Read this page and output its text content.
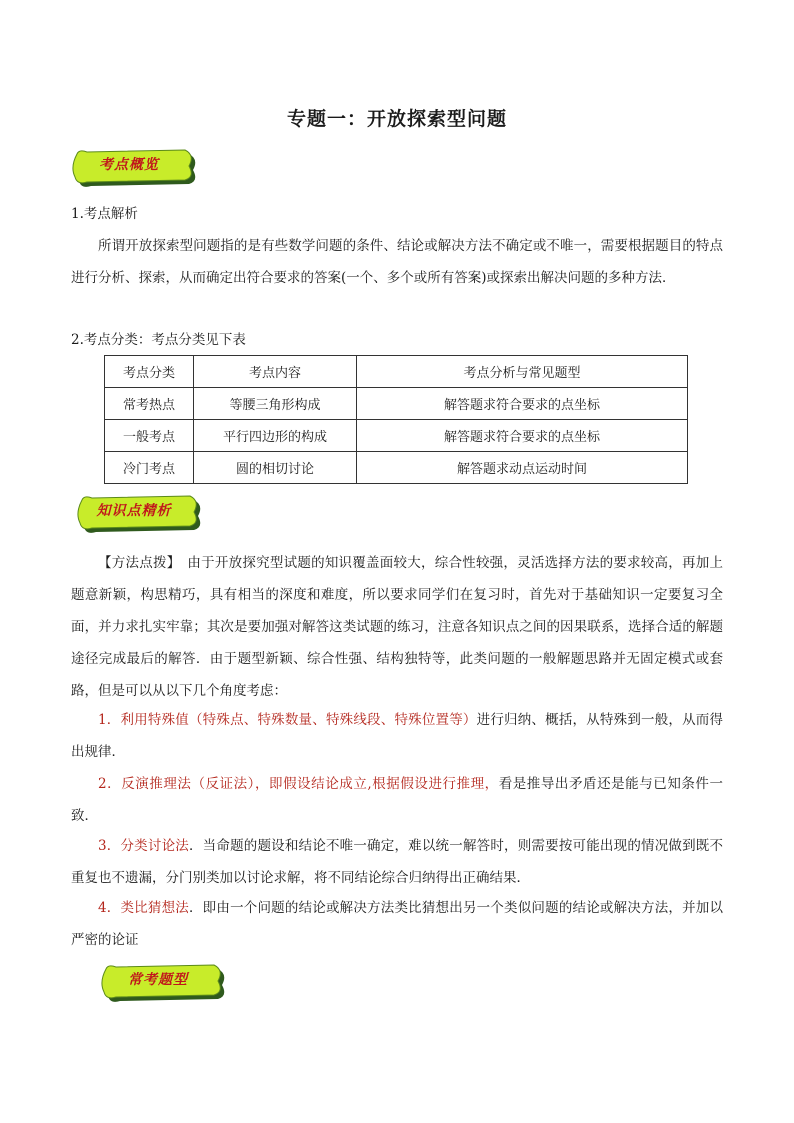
专题一：开放探索型问题
考点概览
1.考点解析
所谓开放探索型问题指的是有些数学问题的条件、结论或解决方法不确定或不唯一，需要根据题目的特点进行分析、探索，从而确定出符合要求的答案(一个、多个或所有答案)或探索出解决问题的多种方法．
2.考点分类：考点分类见下表
考点分类	考点内容	考点分析与常见题型
常考热点	等腰三角形构成	解答题求符合要求的点坐标
一般考点	平行四边形的构成	解答题求符合要求的点坐标
冷门考点	圆的相切讨论	解答题求动点运动时间
知识点精析
【方法点拨】　由于开放探究型试题的知识覆盖面较大，综合性较强，灵活选择方法的要求较高，再加上题意新颖，构思精巧，具有相当的深度和难度，所以要求同学们在复习时，首先对于基础知识一定要复习全面，并力求扎实牢靠；其次是要加强对解答这类试题的练习，注意各知识点之间的因果联系，选择合适的解题途径完成最后的解答．由于题型新颖、综合性强、结构独特等，此类问题的一般解题思路并无固定模式或套路，但是可以从以下几个角度考虑：
1．利用特殊值（特殊点、特殊数量、特殊线段、特殊位置等）进行归纳、概括，从特殊到一般，从而得出规律．
2．反演推理法（反证法），即假设结论成立,根据假设进行推理，看是推导出矛盾还是能与已知条件一致．
3．分类讨论法．当命题的题设和结论不唯一确定，难以统一解答时，则需要按可能出现的情况做到既不重复也不遗漏，分门别类加以讨论求解，将不同结论综合归纳得出正确结果．
4．类比猜想法．即由一个问题的结论或解决方法类比猜想出另一个类似问题的结论或解决方法，并加以严密的论证
常考题型
